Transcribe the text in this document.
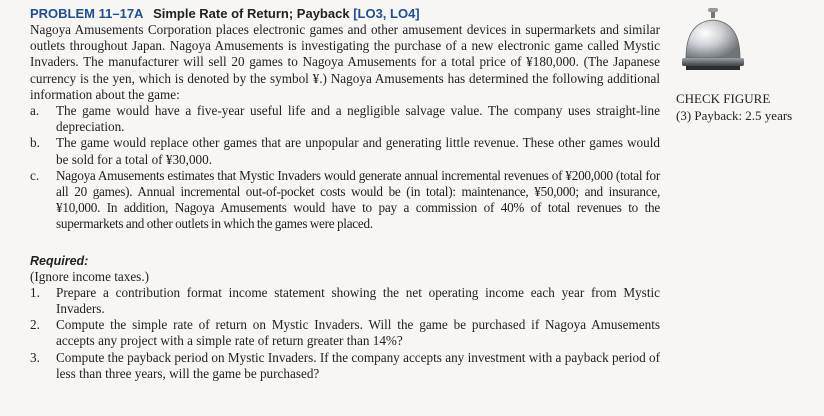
PROBLEM 11–17A Simple Rate of Return; Payback [LO3, LO4]

Nagoya Amusements Corporation places electronic games and other amusement devices in supermarkets and similar outlets throughout Japan. Nagoya Amusements is investigating the purchase of a new electronic game called Mystic Invaders. The manufacturer will sell 20 games to Nagoya Amusements for a total price of ¥180,000. (The Japanese currency is the yen, which is denoted by the symbol ¥.) Nagoya Amusements has determined the following additional information about the game:

a.	The game would have a five-year useful life and a negligible salvage value. The company uses straight-line depreciation.
b.	The game would replace other games that are unpopular and generating little revenue. These other games would be sold for a total of ¥30,000.
c.	Nagoya Amusements estimates that Mystic Invaders would generate annual incremental revenues of ¥200,000 (total for all 20 games). Annual incremental out-of-pocket costs would be (in total): maintenance, ¥50,000; and insurance, ¥10,000. In addition, Nagoya Amusements would have to pay a commission of 40% of total revenues to the supermarkets and other outlets in which the games were placed.
Required:
(Ignore income taxes.)
1.	Prepare a contribution format income statement showing the net operating income each year from Mystic Invaders.
2.	Compute the simple rate of return on Mystic Invaders. Will the game be purchased if Nagoya Amusements accepts any project with a simple rate of return greater than 14%?
3.	Compute the payback period on Mystic Invaders. If the company accepts any investment with a payback period of less than three years, will the game be purchased?
CHECK FIGURE
(3) Payback: 2.5 years
